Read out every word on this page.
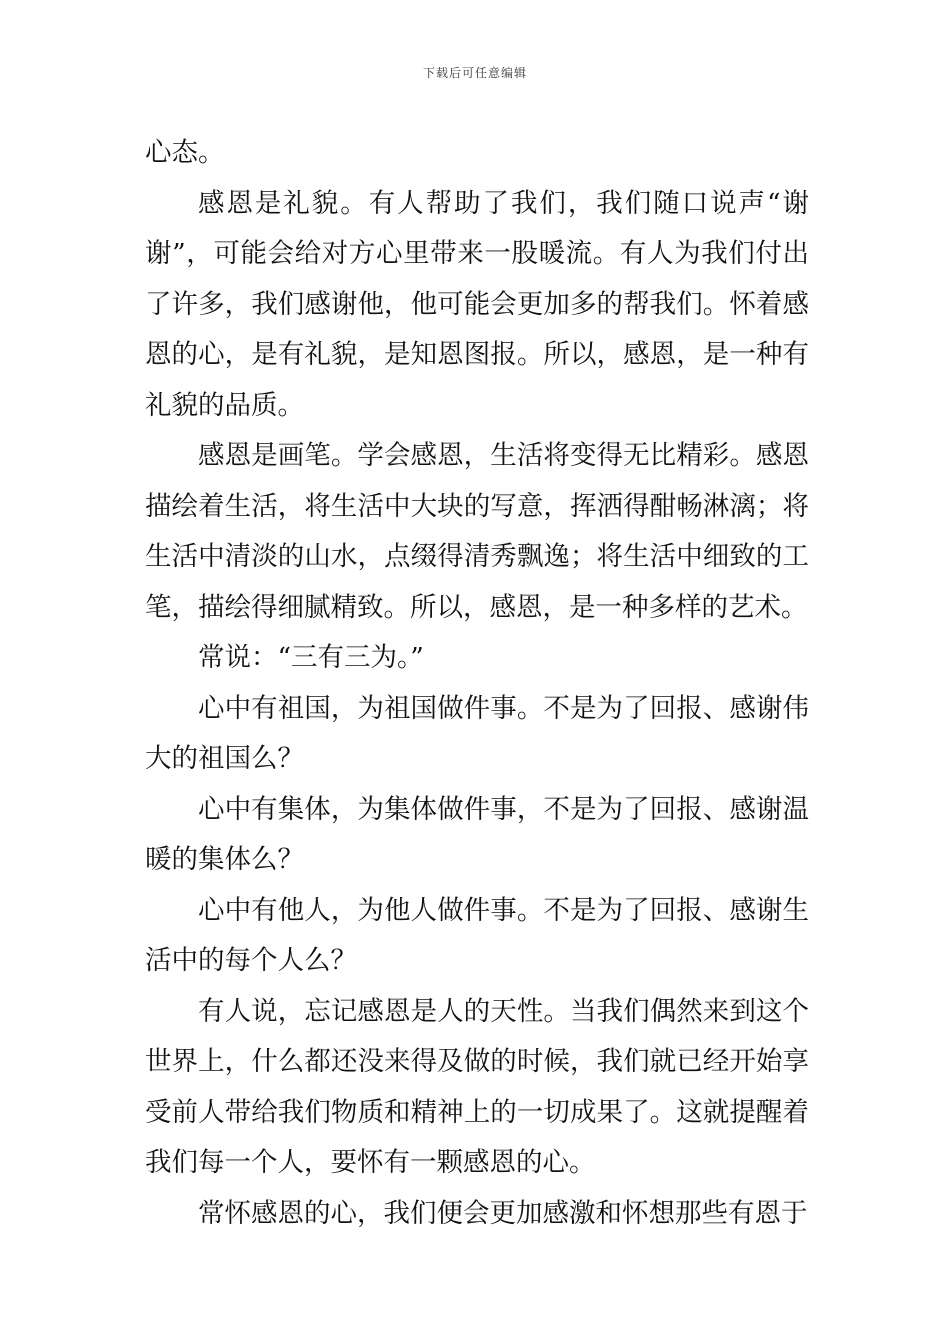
下载后可任意编辑

心态。

感恩是礼貌。有人帮助了我们，我们随口说声“谢谢”，可能会给对方心里带来一股暖流。有人为我们付出了许多，我们感谢他，他可能会更加多的帮我们。怀着感恩的心，是有礼貌，是知恩图报。所以，感恩，是一种有礼貌的品质。

感恩是画笔。学会感恩，生活将变得无比精彩。感恩描绘着生活，将生活中大块的写意，挥洒得酣畅淋漓；将生活中清淡的山水，点缀得清秀飘逸；将生活中细致的工笔，描绘得细腻精致。所以，感恩，是一种多样的艺术。

常说：“三有三为。”

心中有祖国，为祖国做件事。不是为了回报、感谢伟大的祖国么？

心中有集体，为集体做件事，不是为了回报、感谢温暖的集体么？

心中有他人，为他人做件事。不是为了回报、感谢生活中的每个人么？

有人说，忘记感恩是人的天性。当我们偶然来到这个世界上，什么都还没来得及做的时候，我们就已经开始享受前人带给我们物质和精神上的一切成果了。这就提醒着我们每一个人，要怀有一颗感恩的心。

常怀感恩的心，我们便会更加感激和怀想那些有恩于
